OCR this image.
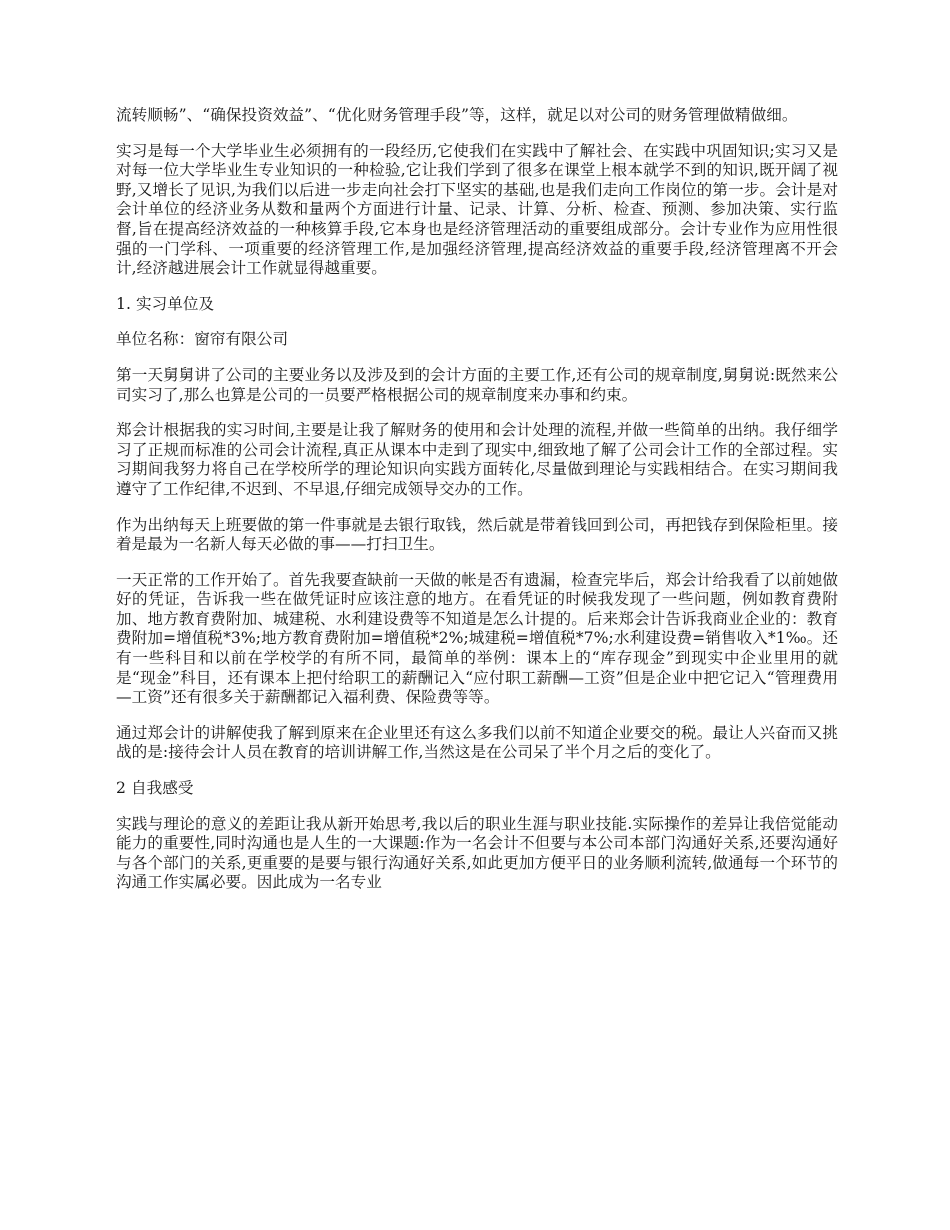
流转顺畅”、“确保投资效益”、“优化财务管理手段”等，这样，就足以对公司的财务管理做精做细。

实习是每一个大学毕业生必须拥有的一段经历,它使我们在实践中了解社会、在实践中巩固知识;实习又是对每一位大学毕业生专业知识的一种检验,它让我们学到了很多在课堂上根本就学不到的知识,既开阔了视野,又增长了见识,为我们以后进一步走向社会打下坚实的基础,也是我们走向工作岗位的第一步。会计是对会计单位的经济业务从数和量两个方面进行计量、记录、计算、分析、检查、预测、参加决策、实行监督,旨在提高经济效益的一种核算手段,它本身也是经济管理活动的重要组成部分。会计专业作为应用性很强的一门学科、一项重要的经济管理工作,是加强经济管理,提高经济效益的重要手段,经济管理离不开会计,经济越进展会计工作就显得越重要。

1. 实习单位及

单位名称：窗帘有限公司

第一天舅舅讲了公司的主要业务以及涉及到的会计方面的主要工作,还有公司的规章制度,舅舅说:既然来公司实习了,那么也算是公司的一员要严格根据公司的规章制度来办事和约束。

郑会计根据我的实习时间,主要是让我了解财务的使用和会计处理的流程,并做一些简单的出纳。我仔细学习了正规而标准的公司会计流程,真正从课本中走到了现实中,细致地了解了公司会计工作的全部过程。实习期间我努力将自己在学校所学的理论知识向实践方面转化,尽量做到理论与实践相结合。在实习期间我遵守了工作纪律,不迟到、不早退,仔细完成领导交办的工作。

作为出纳每天上班要做的第一件事就是去银行取钱，然后就是带着钱回到公司，再把钱存到保险柜里。接着是最为一名新人每天必做的事——打扫卫生。

一天正常的工作开始了。首先我要查缺前一天做的帐是否有遗漏，检查完毕后，郑会计给我看了以前她做好的凭证，告诉我一些在做凭证时应该注意的地方。在看凭证的时候我发现了一些问题，例如教育费附加、地方教育费附加、城建税、水利建设费等不知道是怎么计提的。后来郑会计告诉我商业企业的：教育费附加=增值税*3%;地方教育费附加=增值税*2%;城建税=增值税*7%;水利建设费=销售收入*1‰。还有一些科目和以前在学校学的有所不同，最简单的举例：课本上的“库存现金”到现实中企业里用的就是“现金”科目，还有课本上把付给职工的薪酬记入“应付职工薪酬—工资”但是企业中把它记入“管理费用—工资”还有很多关于薪酬都记入福利费、保险费等等。

通过郑会计的讲解使我了解到原来在企业里还有这么多我们以前不知道企业要交的税。最让人兴奋而又挑战的是:接待会计人员在教育的培训讲解工作,当然这是在公司呆了半个月之后的变化了。

2 自我感受

实践与理论的意义的差距让我从新开始思考,我以后的职业生涯与职业技能.实际操作的差异让我倍觉能动能力的重要性,同时沟通也是人生的一大课题:作为一名会计不但要与本公司本部门沟通好关系,还要沟通好与各个部门的关系,更重要的是要与银行沟通好关系,如此更加方便平日的业务顺利流转,做通每一个环节的沟通工作实属必要。因此成为一名专业
